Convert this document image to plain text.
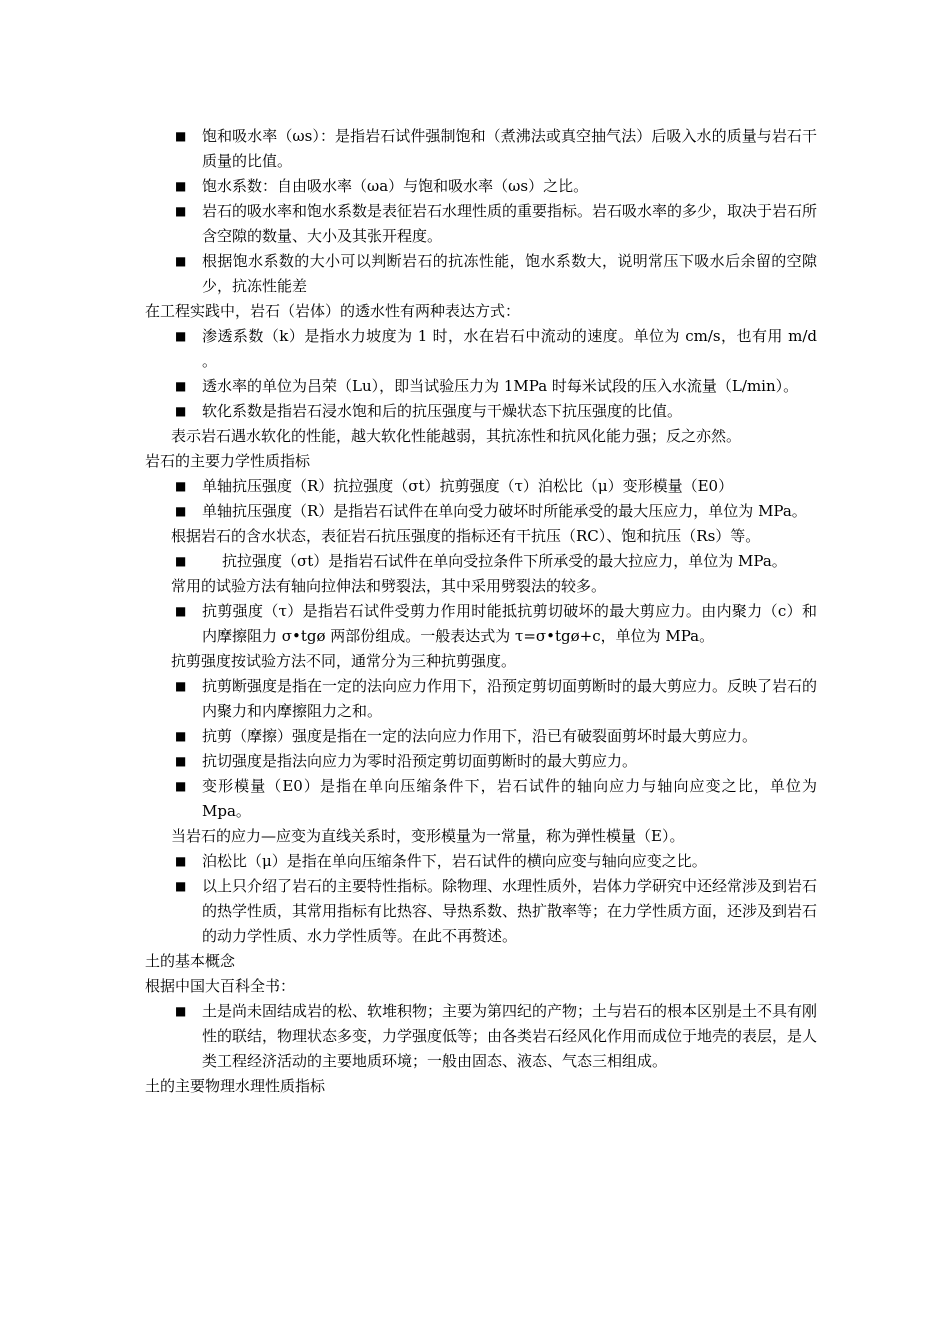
■ 饱和吸水率（ωs）：是指岩石试件强制饱和（煮沸法或真空抽气法）后吸入水的质量与岩石干质量的比值。
■ 饱水系数：自由吸水率（ωa）与饱和吸水率（ωs）之比。
■ 岩石的吸水率和饱水系数是表征岩石水理性质的重要指标。岩石吸水率的多少，取决于岩石所含空隙的数量、大小及其张开程度。
■ 根据饱水系数的大小可以判断岩石的抗冻性能，饱水系数大，说明常压下吸水后余留的空隙少，抗冻性能差

在工程实践中，岩石（岩体）的透水性有两种表达方式：

■ 渗透系数（k）是指水力坡度为 1 时，水在岩石中流动的速度。单位为 cm/s，也有用 m/d 。
■ 透水率的单位为吕荣（Lu），即当试验压力为 1MPa 时每米试段的压入水流量（L/min）。
■ 软化系数是指岩石浸水饱和后的抗压强度与干燥状态下抗压强度的比值。

表示岩石遇水软化的性能，越大软化性能越弱，其抗冻性和抗风化能力强；反之亦然。

岩石的主要力学性质指标

■ 单轴抗压强度（R）抗拉强度（σt）抗剪强度（τ）泊松比（μ）变形模量（E0）
■ 单轴抗压强度（R）是指岩石试件在单向受力破坏时所能承受的最大压应力，单位为 MPa。

根据岩石的含水状态，表征岩石抗压强度的指标还有干抗压（RC）、饱和抗压（Rs）等。

■ 抗拉强度（σt）是指岩石试件在单向受拉条件下所承受的最大拉应力，单位为 MPa。

常用的试验方法有轴向拉伸法和劈裂法，其中采用劈裂法的较多。

■ 抗剪强度（τ）是指岩石试件受剪力作用时能抵抗剪切破坏的最大剪应力。由内聚力（c）和内摩擦阻力 σ•tgø 两部份组成。一般表达式为 τ=σ•tgø+c，单位为 MPa。

抗剪强度按试验方法不同，通常分为三种抗剪强度。

■ 抗剪断强度是指在一定的法向应力作用下，沿预定剪切面剪断时的最大剪应力。反映了岩石的内聚力和内摩擦阻力之和。
■ 抗剪（摩擦）强度是指在一定的法向应力作用下，沿已有破裂面剪坏时最大剪应力。
■ 抗切强度是指法向应力为零时沿预定剪切面剪断时的最大剪应力。
■ 变形模量（E0）是指在单向压缩条件下，岩石试件的轴向应力与轴向应变之比，单位为 Mpa。

当岩石的应力—应变为直线关系时，变形模量为一常量，称为弹性模量（E）。

■ 泊松比（μ）是指在单向压缩条件下，岩石试件的横向应变与轴向应变之比。
■ 以上只介绍了岩石的主要特性指标。除物理、水理性质外，岩体力学研究中还经常涉及到岩石的热学性质，其常用指标有比热容、导热系数、热扩散率等；在力学性质方面，还涉及到岩石的动力学性质、水力学性质等。在此不再赘述。

土的基本概念

根据中国大百科全书：

■ 土是尚未固结成岩的松、软堆积物；主要为第四纪的产物；土与岩石的根本区别是土不具有刚性的联结，物理状态多变，力学强度低等；由各类岩石经风化作用而成位于地壳的表层，是人类工程经济活动的主要地质环境；一般由固态、液态、气态三相组成。

土的主要物理水理性质指标
